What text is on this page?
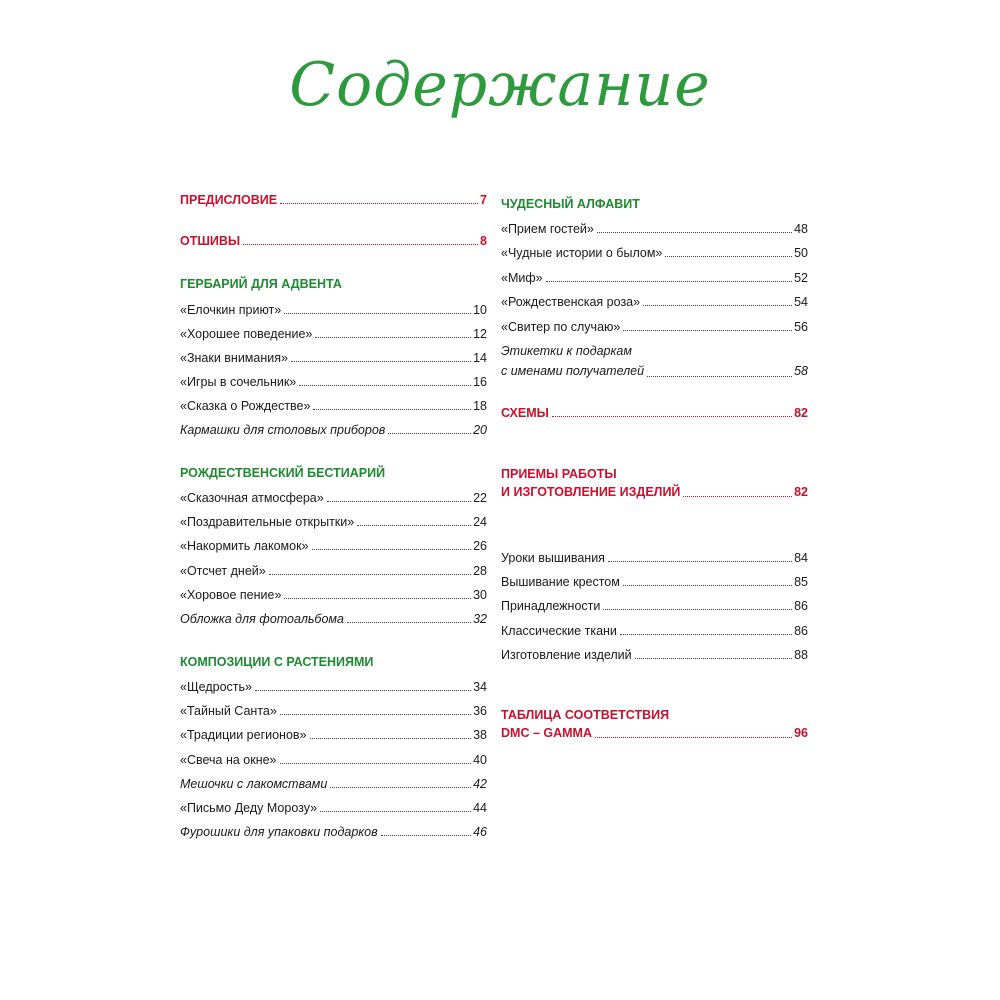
Содержание
ПРЕДИСЛОВИЕ	7
ОТШИВЫ	8
ГЕРБАРИЙ ДЛЯ АДВЕНТА
«Елочкин приют»	10
«Хорошее поведение»	12
«Знаки внимания»	14
«Игры в сочельник»	16
«Сказка о Рождестве»	18
Кармашки для столовых приборов	20
РОЖДЕСТВЕНСКИЙ БЕСТИАРИЙ
«Сказочная атмосфера»	22
«Поздравительные открытки»	24
«Накормить лакомок»	26
«Отсчет дней»	28
«Хоровое пение»	30
Обложка для фотоальбома	32
КОМПОЗИЦИИ С РАСТЕНИЯМИ
«Щедрость»	34
«Тайный Санта»	36
«Традиции регионов»	38
«Свеча на окне»	40
Мешочки с лакомствами	42
«Письмо Деду Морозу»	44
Фурошики для упаковки подарков	46
ЧУДЕСНЫЙ АЛФАВИТ
«Прием гостей»	48
«Чудные истории о былом»	50
«Миф»	52
«Рождественская роза»	54
«Свитер по случаю»	56
Этикетки к подаркам
с именами получателей	58
СХЕМЫ	82
ПРИЕМЫ РАБОТЫ
И ИЗГОТОВЛЕНИЕ ИЗДЕЛИЙ	82
Уроки вышивания	84
Вышивание крестом	85
Принадлежности	86
Классические ткани	86
Изготовление изделий	88
ТАБЛИЦА СООТВЕТСТВИЯ
DMC – GAMMA	96
